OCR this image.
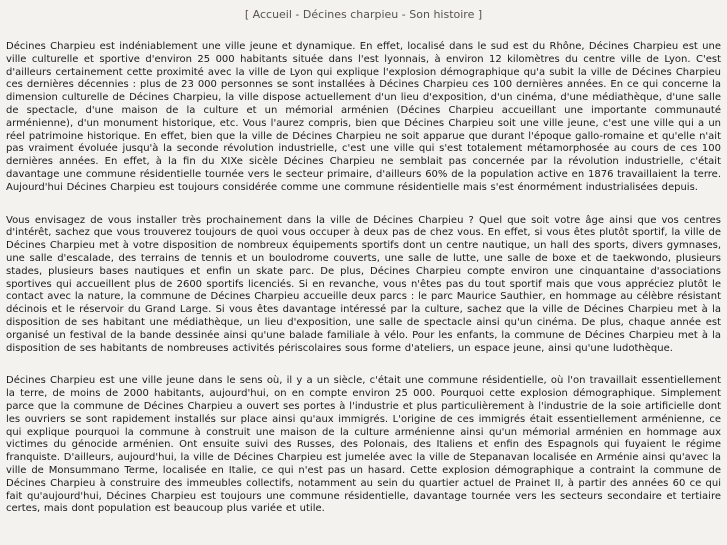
[ Accueil - Décines charpieu - Son histoire ]

Décines Charpieu est indéniablement une ville jeune et dynamique. En effet, localisé dans le sud est du Rhône, Décines Charpieu est une ville culturelle et sportive d'environ 25 000 habitants située dans l'est lyonnais, à environ 12 kilomètres du centre ville de Lyon. C'est d'ailleurs certainement cette proximité avec la ville de Lyon qui explique l'explosion démographique qu'a subit la ville de Décines Charpieu ces dernières décennies : plus de 23 000 personnes se sont installées à Décines Charpieu ces 100 dernières années. En ce qui concerne la dimension culturelle de Décines Charpieu, la ville dispose actuellement d'un lieu d'exposition, d'un cinéma, d'une médiathèque, d'une salle de spectacle, d'une maison de la culture et un mémorial arménien (Décines Charpieu accueillant une importante communauté arménienne), d'un monument historique, etc. Vous l'aurez compris, bien que Décines Charpieu soit une ville jeune, c'est une ville qui a un réel patrimoine historique. En effet, bien que la ville de Décines Charpieu ne soit apparue que durant l'époque gallo-romaine et qu'elle n'ait pas vraiment évoluée jusqu'à la seconde révolution industrielle, c'est une ville qui s'est totalement métamorphosée au cours de ces 100 dernières années. En effet, à la fin du XIXe sicèle Décines Charpieu ne semblait pas concernée par la révolution industrielle, c'était davantage une commune résidentielle tournée vers le secteur primaire, d'ailleurs 60% de la population active en 1876 travaillaient la terre. Aujourd'hui Décines Charpieu est toujours considérée comme une commune résidentielle mais s'est énormément industrialisées depuis.

Vous envisagez de vous installer très prochainement dans la ville de Décines Charpieu ? Quel que soit votre âge ainsi que vos centres d'intérêt, sachez que vous trouverez toujours de quoi vous occuper à deux pas de chez vous. En effet, si vous êtes plutôt sportif, la ville de Décines Charpieu met à votre disposition de nombreux équipements sportifs dont un centre nautique, un hall des sports, divers gymnases, une salle d'escalade, des terrains de tennis et un boulodrome couverts, une salle de lutte, une salle de boxe et de taekwondo, plusieurs stades, plusieurs bases nautiques et enfin un skate parc. De plus, Décines Charpieu compte environ une cinquantaine d'associations sportives qui accueillent plus de 2600 sportifs licenciés. Si en revanche, vous n'êtes pas du tout sportif mais que vous appréciez plutôt le contact avec la nature, la commune de Décines Charpieu accueille deux parcs : le parc Maurice Sauthier, en hommage au célèbre résistant décinois et le réservoir du Grand Large. Si vous êtes davantage intéressé par la culture, sachez que la ville de Décines Charpieu met à la disposition de ses habitant une médiathèque, un lieu d'exposition, une salle de spectacle ainsi qu'un cinéma. De plus, chaque année est organisé un festival de la bande dessinée ainsi qu'une balade familiale à vélo. Pour les enfants, la commune de Décines Charpieu met à la disposition de ses habitants de nombreuses activités périscolaires sous forme d'ateliers, un espace jeune, ainsi qu'une ludothèque.

Décines Charpieu est une ville jeune dans le sens où, il y a un siècle, c'était une commune résidentielle, où l'on travaillait essentiellement la terre, de moins de 2000 habitants, aujourd'hui, on en compte environ 25 000. Pourquoi cette explosion démographique. Simplement parce que la commune de Décines Charpieu a ouvert ses portes à l'industrie et plus particulièrement à l'industrie de la soie artificielle dont les ouvriers se sont rapidement installés sur place ainsi qu'aux immigrés. L'origine de ces immigrés était essentiellement arménienne, ce qui explique pourquoi la commune à construit une maison de la culture arménienne ainsi qu'un mémorial arménien en hommage aux victimes du génocide arménien. Ont ensuite suivi des Russes, des Polonais, des Italiens et enfin des Espagnols qui fuyaient le régime franquiste. D'ailleurs, aujourd'hui, la ville de Décines Charpieu est jumelée avec la ville de Stepanavan localisée en Arménie ainsi qu'avec la ville de Monsummano Terme, localisée en Italie, ce qui n'est pas un hasard. Cette explosion démographique a contraint la commune de Décines Charpieu à construire des immeubles collectifs, notamment au sein du quartier actuel de Prainet II, à partir des années 60 ce qui fait qu'aujourd'hui, Décines Charpieu est toujours une commune résidentielle, davantage tournée vers les secteurs secondaire et tertiaire certes, mais dont population est beaucoup plus variée et utile.
